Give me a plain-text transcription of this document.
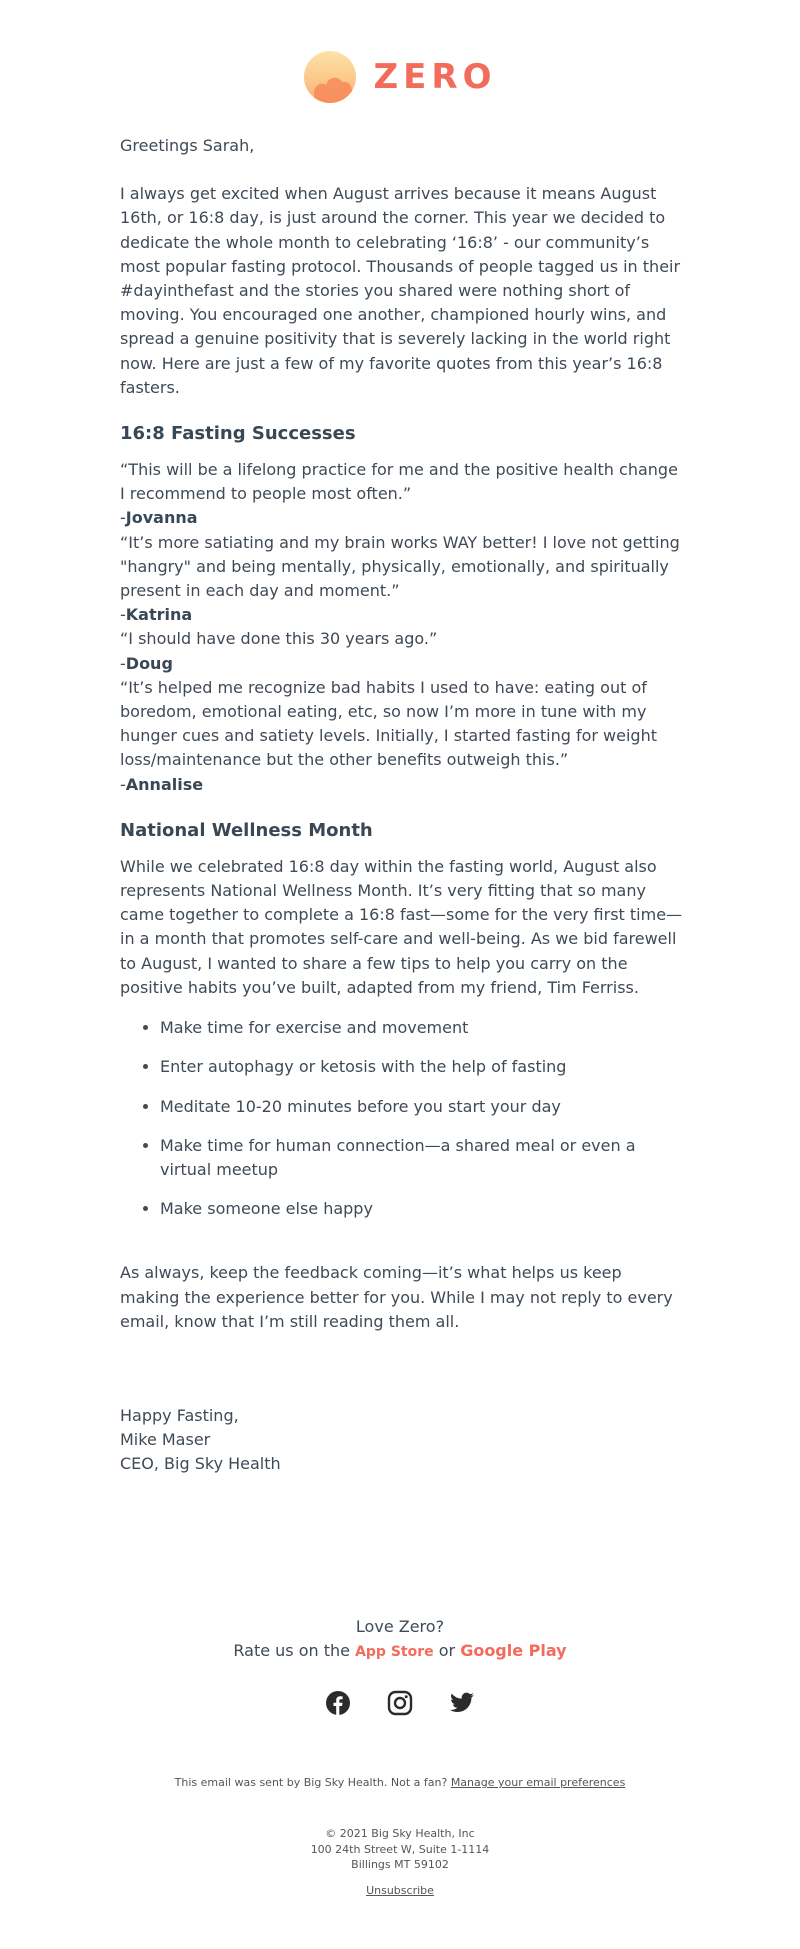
ZERO

Greetings Sarah,

I always get excited when August arrives because it means August 16th, or 16:8 day, is just around the corner. This year we decided to dedicate the whole month to celebrating ‘16:8’ - our community’s most popular fasting protocol. Thousands of people tagged us in their #dayinthefast and the stories you shared were nothing short of moving. You encouraged one another, championed hourly wins, and spread a genuine positivity that is severely lacking in the world right now. Here are just a few of my favorite quotes from this year’s 16:8 fasters.

16:8 Fasting Successes

“This will be a lifelong practice for me and the positive health change I recommend to people most often.”

-Jovanna

“It’s more satiating and my brain works WAY better! I love not getting "hangry" and being mentally, physically, emotionally, and spiritually present in each day and moment.”

-Katrina

“I should have done this 30 years ago.”

-Doug

“It’s helped me recognize bad habits I used to have: eating out of boredom, emotional eating, etc, so now I’m more in tune with my hunger cues and satiety levels. Initially, I started fasting for weight loss/maintenance but the other benefits outweigh this.”

-Annalise

National Wellness Month

While we celebrated 16:8 day within the fasting world, August also represents National Wellness Month. It’s very fitting that so many came together to complete a 16:8 fast—some for the very first time—in a month that promotes self-care and well-being. As we bid farewell to August, I wanted to share a few tips to help you carry on the positive habits you’ve built, adapted from my friend, Tim Ferriss.

• Make time for exercise and movement
• Enter autophagy or ketosis with the help of fasting
• Meditate 10-20 minutes before you start your day
• Make time for human connection—a shared meal or even a virtual meetup
• Make someone else happy

As always, keep the feedback coming—it’s what helps us keep making the experience better for you. While I may not reply to every email, know that I’m still reading them all.

Happy Fasting,

Mike Maser

CEO, Big Sky Health

Love Zero?
Rate us on the App Store or Google Play
This email was sent by Big Sky Health. Not a fan? Manage your email preferences
© 2021 Big Sky Health, Inc
100 24th Street W, Suite 1-1114
Billings MT 59102
Unsubscribe
